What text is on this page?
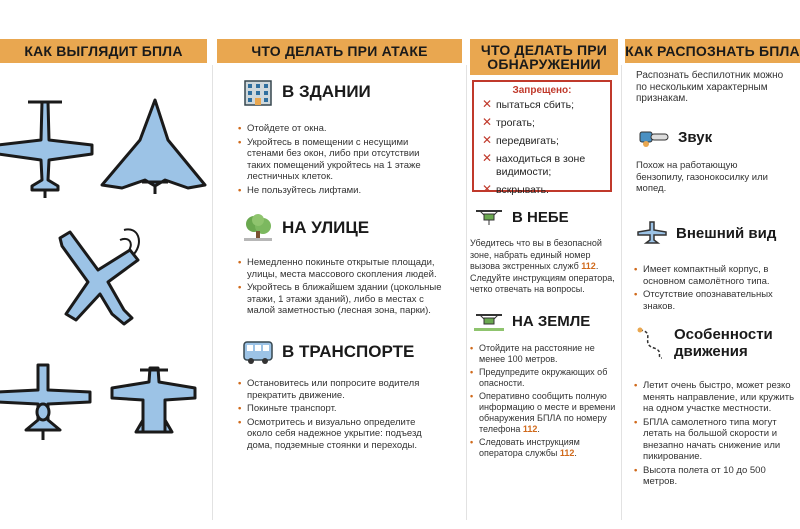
КАК ВЫГЛЯДИТ БПЛА	ЧТО ДЕЛАТЬ ПРИ АТАКЕ	ЧТО ДЕЛАТЬ ПРИ ОБНАРУЖЕНИИ
КАК РАСПОЗНАТЬ БПЛА
В ЗДАНИИ
• Отойдете от окна.
• Укройтесь в помещении с несущими стенами без окон, либо при отсутствии таких помещений укройтесь на 1 этаже лестничных клеток.
• Не пользуйтесь лифтами.
НА УЛИЦЕ
• Немедленно покиньте открытые площади, улицы, места массового скопления людей.
• Укройтесь в ближайшем здании (цокольные этажи, 1 этажи зданий), либо в местах с малой заметностью (лесная зона, парки).
В ТРАНСПОРТЕ
• Остановитесь или попросите водителя прекратить движение.
• Покиньте транспорт.
• Осмотритесь и визуально определите около себя надежное укрытие: подъезд дома, подземные стоянки и переходы.
Запрещено:
✕ пытаться сбить;
✕ трогать;
✕ передвигать;
✕ находиться в зоне видимости;
✕ вскрывать.
В НЕБЕ
Убедитесь что вы в безопасной зоне, набрать единый номер вызова экстренных служб 112. Следуйте инструкциям оператора, четко отвечать на вопросы.
НА ЗЕМЛЕ
• Отойдите на расстояние не менее 100 метров.
• Предупредите окружающих об опасности.
• Оперативно сообщить полную информацию о месте и времени обнаружения БПЛА по номеру телефона 112.
• Следовать инструкциям оператора службы 112.
Распознать беспилотник можно по нескольким характерным признакам.
Звук
Похож на работающую бензопилу, газонокосилку или мопед.
Внешний вид
• Имеет компактный корпус, в основном самолётного типа.
• Отсутствие опознавательных знаков.
Особенности движения
• Летит очень быстро, может резко менять направление, или кружить на одном участке местности.
• БПЛА самолетного типа могут летать на большой скорости и внезапно начать снижение или пикирование.
• Высота полета от 10 до 500 метров.
